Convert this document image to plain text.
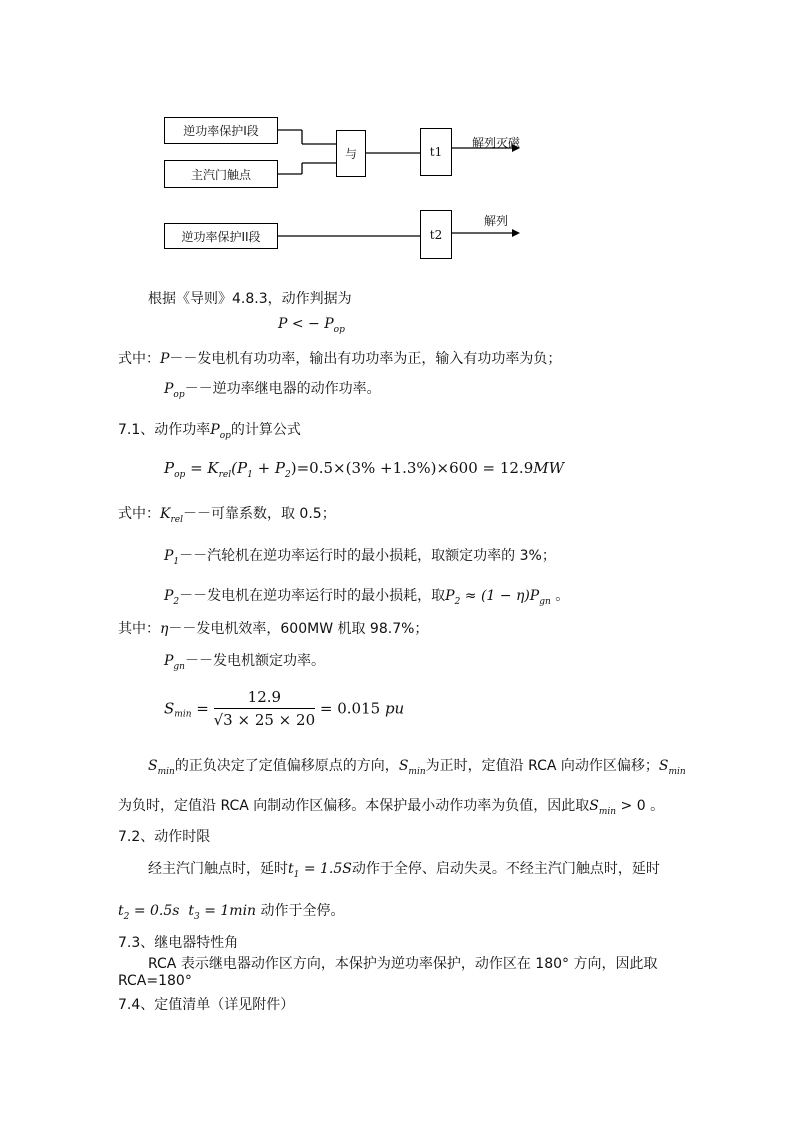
逆功率保护I段
主汽门触点
与	t1
解列灭磁
逆功率保护II段	t2
解列
根据《导则》4.8.3，动作判据为
P < − $P_{op}$
式中：P－－发电机有功功率，输出有功功率为正，输入有功功率为负；
$P_{op}--$逆功率继电器的动作功率。
7.1、动作功率$P_{op}$的计算公式
$P_{op} = K_{rel}(P_1 + P_2)=0.5\times(3\% +1.3\%)\times 600 = 12.9MW$
式中：$K_{rel}--$可靠系数，取 0.5；
$P_1--$汽轮机在逆功率运行时的最小损耗，取额定功率的 3%；
$P_2--$发电机在逆功率运行时的最小损耗，取$P_2 \approx (1 - \eta)P_{gn}$ 。
其中：η－－发电机效率，600MW 机取 98.7%；
$P_{gn}--$发电机额定功率。
$S_{min} = \frac{12.9}{√3 \times 25 \times 20} = 0.015$ pu
$S_{min}$的正负决定了定值偏移原点的方向，$S_{min}$为正时，定值沿 RCA 向动作区偏移；$S_{min}$
为负时，定值沿 RCA 向制动作区偏移。本保护最小动作功率为负值，因此取$S_{min} > 0$ 。
7.2、动作时限
经主汽门触点时，延时$t_1 = 1.5S$动作于全停、启动失灵。不经主汽门触点时，延时
$t_2 = 0.5s$ $t_3 = 1\min$ 动作于全停。
7.3、继电器特性角
RCA 表示继电器动作区方向，本保护为逆功率保护，动作区在 180° 方向，因此取
RCA=180°
7.4、定值清单（详见附件）
